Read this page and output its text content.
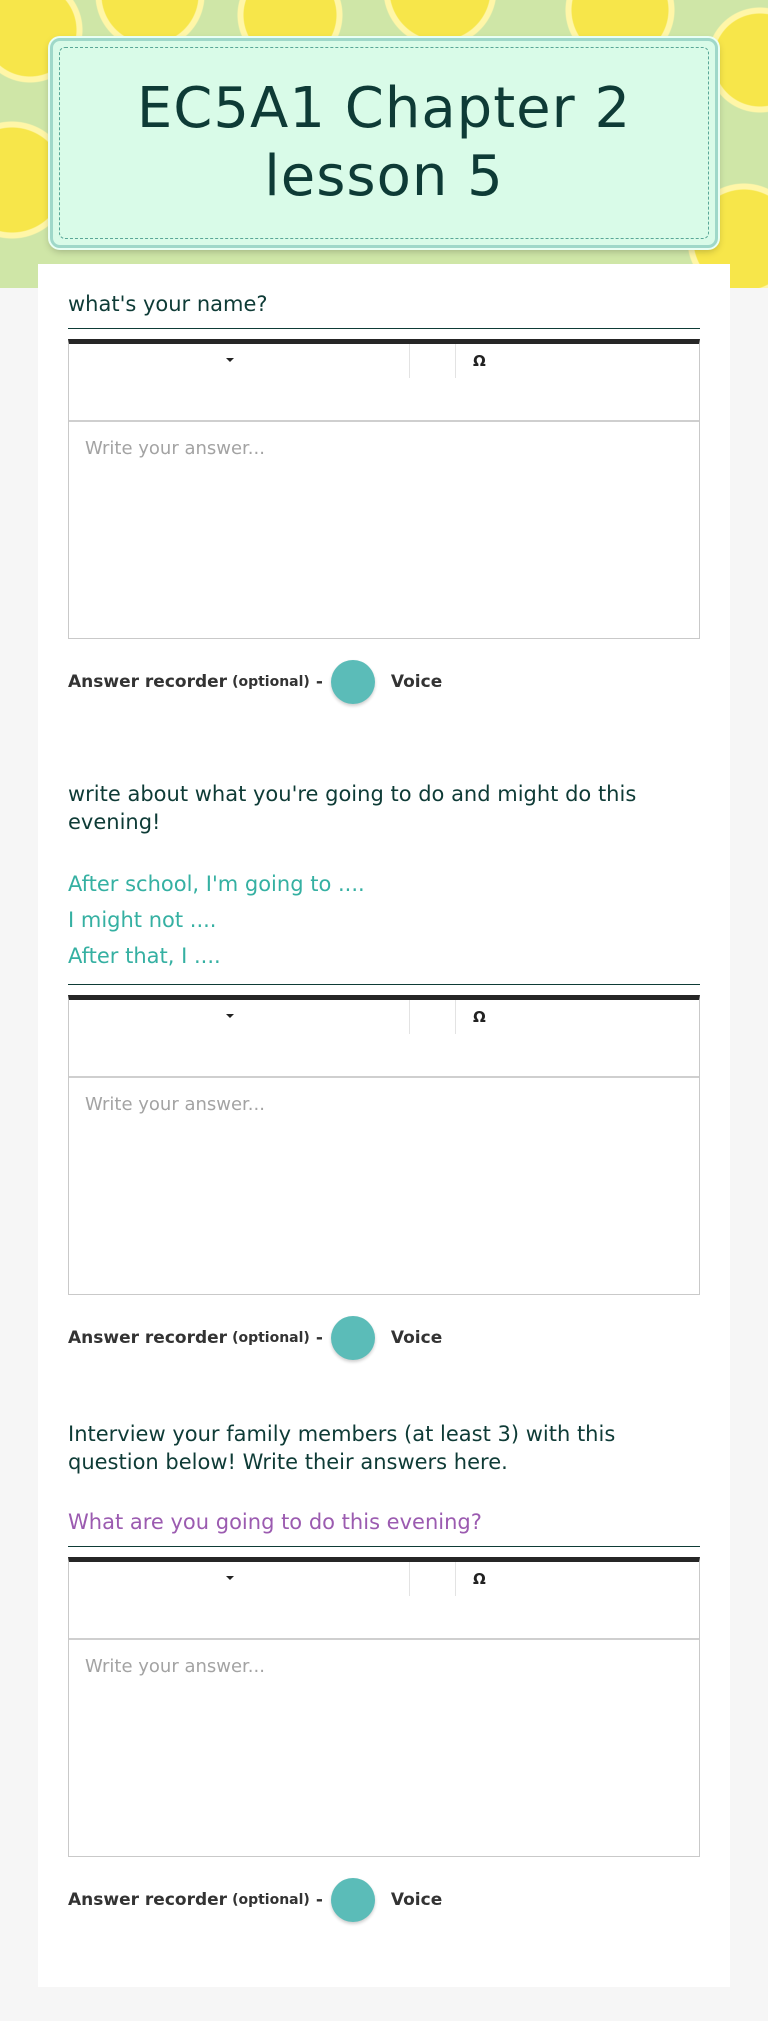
EC5A1 Chapter 2 lesson 5

what's your name?

Ω
Write your answer...
Answer recorder (optional) -	Voice

write about what you're going to do and might do this evening!

After school, I'm going to ....

I might not ....

After that, I ....

Ω
Write your answer...
Answer recorder (optional) -	Voice

Interview your family members (at least 3) with this question below! Write their answers here.

What are you going to do this evening?

Ω
Write your answer...
Answer recorder (optional) -	Voice
